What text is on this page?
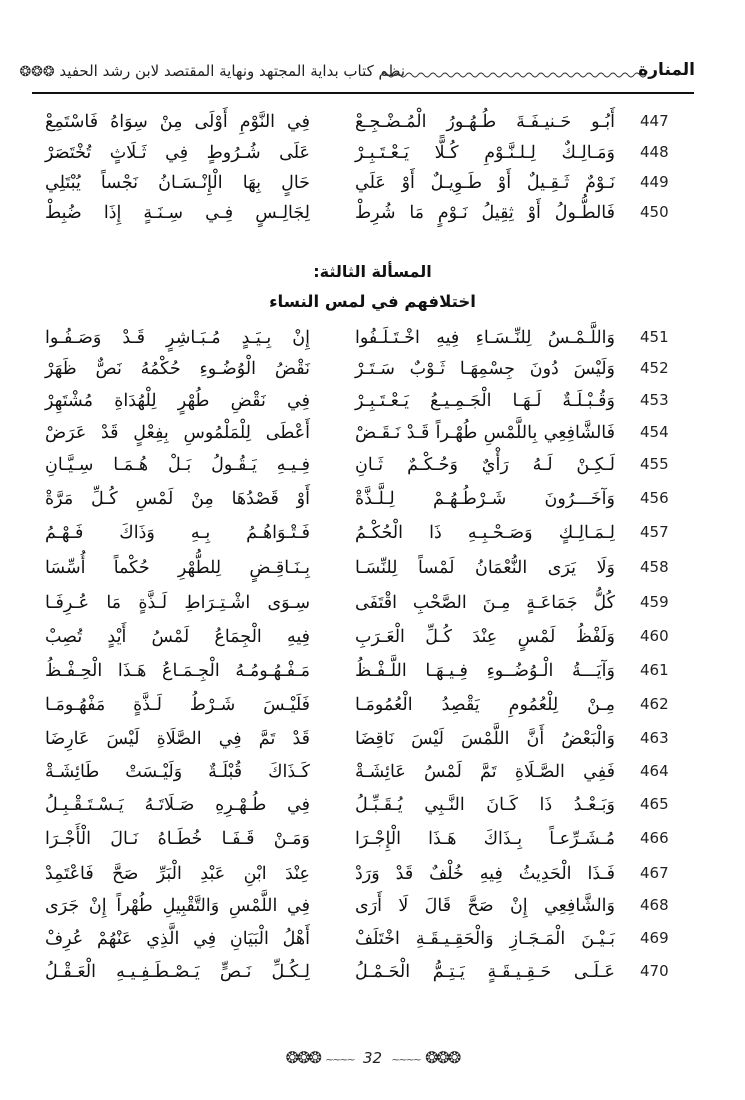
نظم كتاب بداية المجتهد ونهاية المقتصد لابن رشد الحفيد ❂❂❂	المنارة
447
أَبُـو حَـنيـفَـةَ طُـهُـورُ الْمُـضْـجِـعْ
فِي النَّوْمِ أَوْلَى مِنْ سِوَاهُ فَاسْتَمِعْ
448
وَمَـالِـكٌ لِـلـنَّـوْمِ كُـلًّا يَـعْـتَـبِـرْ
عَلَى شُـرُوطٍ فِي ثَـلَاثٍ تُخْتَصَرْ
449
نَـوْمٌ ثَـقِـيلٌ أَوْ طَـوِيـلٌ أَوْ عَلَي
حَالٍ بِهَا الْإِنْـسَـانُ نَجْساً يُبْتَلِي
450
فَالطُّـولُ أَوْ ثِقِيلُ نَـوْمٍ مَا شُرِطْ
لِجَالِـسٍ فِـي سِـنَـةٍ إِذَا ضُبِطْ
المسألة الثالثة:
اختلافهم في لمس النساء
451
وَاللَّـمْـسُ لِلنِّـسَـاءِ فِيهِ اخْـتَـلَـفُوا
إِنْ بِـيَـدٍ مُـبَـاشِرٍ قَـدْ وَصَـفُـوا
452
وَلَيْسَ دُونَ جِسْمِهَـا ثَـوْبٌ سَـتَـرْ
نَقْضُ الْوُضُـوءِ حُكْمُهُ نَصٌّ ظَهَرْ
453
وَقُـبْـلَـةٌ لَـهَـا الْجَـمِـيـعُ يَـعْـتَـبِـرْ
فِي نَقْضِ طُهْرٍ لِلْهُدَاةِ مُشْتَهِرْ
454
فَالشَّافِعِي بِاللَّمْسِ طُهْـراً قَـدْ نَـقَـضْ
أَعْطَى لِلْمَلْمُوسِ بِفِعْلٍ قَدْ عَرَضْ
455
لَـكِـنْ لَـهُ رَأْيٌ وَحُـكْـمٌ ثَـانِ
فِـيـهِ يَـقُـولُ بَـلْ هُـمَـا سِـيَّـانِ
456
وَآخَـــرُونَ شَـرْطُـهُـمْ لِـلَّـذَّةْ
أَوْ قَصْدُهَا مِنْ لَمْسِ كُـلِّ مَرَّةْ
457
لِـمَـالِـكٍ وَصَـحْـبِـهِ ذَا الْحُكْـمُ
فَـتْـوَاهُـمُ بِـهِ وَذَاكَ فَـهْـمُ
458
وَلَا يَرَى النُّعْمَانُ لَمْساً لِلنِّسَـا
بِـنَـاقِـضٍ لِلطُّهْرِ حُكْماً أُسِّسَا
459
كُلُّ جَمَاعَـةٍ مِـنَ الصَّحْبِ اقْتَفَى
سِـوَى اشْـتِـرَاطِ لَـذَّةٍ مَا عُـرِفَـا
460
وَلَفْظُ لَمْسٍ عِنْدَ كُـلِّ الْعَـرَبِ
فِيهِ الْجِمَاعُ لَمْسُ أَيْدٍ تُصِبْ
461
وَآيَـــةُ الْـوُضُــوءِ فِـيـهَـا اللَّـفْـظُ
مَـفْـهُـومُـهُ الْجِـمَـاعُ هَـذَا الْحِـفْـظُ
462
مِـنْ لِلْعُمُومِ يَقْصِدُ الْعُمُومَـا
فَلَيْـسَ شَـرْطُ لَـذَّةٍ مَفْهُـومَـا
463
وَالْبَعْضُ أَنَّ اللَّمْسَ لَيْسَ نَاقِضَا
قَدْ تَمَّ فِي الصَّلَاةِ لَيْسَ عَارِضَا
464
فَفِي الصَّـلَاةِ تَمَّ لَمْسُ عَائِشَـةْ
كَـذَاكَ قُبْلَـةٌ وَلَيْـسَتْ طَائِشَـةْ
465
وَبَـعْـدُ ذَا كَـانَ النَّـبِي يُـقَـبِّـلُ
فِي طُـهْـرِهِ صَـلَاتَـهُ يَـسْـتَـقْـبِـلُ
466
مُـشَـرِّعـاً بِـذَاكَ هَـذَا الْإِجْـرَا
وَمَـنْ قَـفَـا خُطَـاهُ نَـالَ الْأَجْـرَا
467
فَـذَا الْحَدِيثُ فِيهِ خُلْفٌ قَدْ وَرَدْ
عِنْدَ ابْنِ عَبْدِ الْبَرِّ صَحَّ فَاعْتَمِدْ
468
وَالشَّافِعِي إِنْ صَحَّ قَالَ لَا أَرَى
فِي اللَّمْسِ وَالتَّقْبِيلِ طُهْراً إِنْ جَرَى
469
بَـيْـنَ الْمَـجَـازِ وَالْحَقِـيـقَـةِ اخْتَلَفْ
أَهْلُ الْبَيَانِ فِي الَّذِي عَنْهُمْ عُرِفْ
470
عَـلَـى حَـقِـيـقَـةٍ يَـتِـمُّ الْحَـمْـلُ
لِـكُـلِّ نَـصٍّ يَـصْـطَـفِـيـهِ الْعَـقْـلُ
❂❂❂ ~~~~ 32 ~~~~ ❂❂❂
